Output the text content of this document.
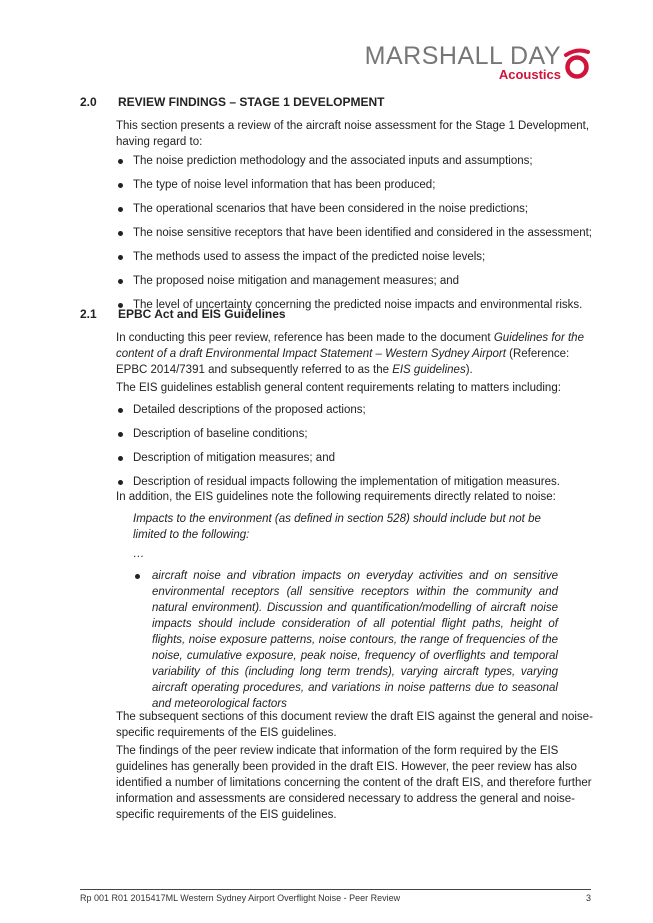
MARSHALL DAY
Acoustics
2.0 REVIEW FINDINGS – STAGE 1 DEVELOPMENT
This section presents a review of the aircraft noise assessment for the Stage 1 Development, having regard to:
The noise prediction methodology and the associated inputs and assumptions;
The type of noise level information that has been produced;
The operational scenarios that have been considered in the noise predictions;
The noise sensitive receptors that have been identified and considered in the assessment;
The methods used to assess the impact of the predicted noise levels;
The proposed noise mitigation and management measures; and
The level of uncertainty concerning the predicted noise impacts and environmental risks.
2.1 EPBC Act and EIS Guidelines
In conducting this peer review, reference has been made to the document Guidelines for the content of a draft Environmental Impact Statement – Western Sydney Airport (Reference: EPBC 2014/7391 and subsequently referred to as the EIS guidelines).
The EIS guidelines establish general content requirements relating to matters including:
Detailed descriptions of the proposed actions;
Description of baseline conditions;
Description of mitigation measures; and
Description of residual impacts following the implementation of mitigation measures.
In addition, the EIS guidelines note the following requirements directly related to noise:
Impacts to the environment (as defined in section 528) should include but not be limited to the following:
…
aircraft noise and vibration impacts on everyday activities and on sensitive environmental receptors (all sensitive receptors within the community and natural environment). Discussion and quantification/modelling of aircraft noise impacts should include consideration of all potential flight paths, height of flights, noise exposure patterns, noise contours, the range of frequencies of the noise, cumulative exposure, peak noise, frequency of overflights and temporal variability of this (including long term trends), varying aircraft types, varying aircraft operating procedures, and variations in noise patterns due to seasonal and meteorological factors
The subsequent sections of this document review the draft EIS against the general and noise-specific requirements of the EIS guidelines.
The findings of the peer review indicate that information of the form required by the EIS guidelines has generally been provided in the draft EIS. However, the peer review has also identified a number of limitations concerning the content of the draft EIS, and therefore further information and assessments are considered necessary to address the general and noise-specific requirements of the EIS guidelines.
Rp 001 R01 2015417ML Western Sydney Airport Overflight Noise - Peer Review	3
